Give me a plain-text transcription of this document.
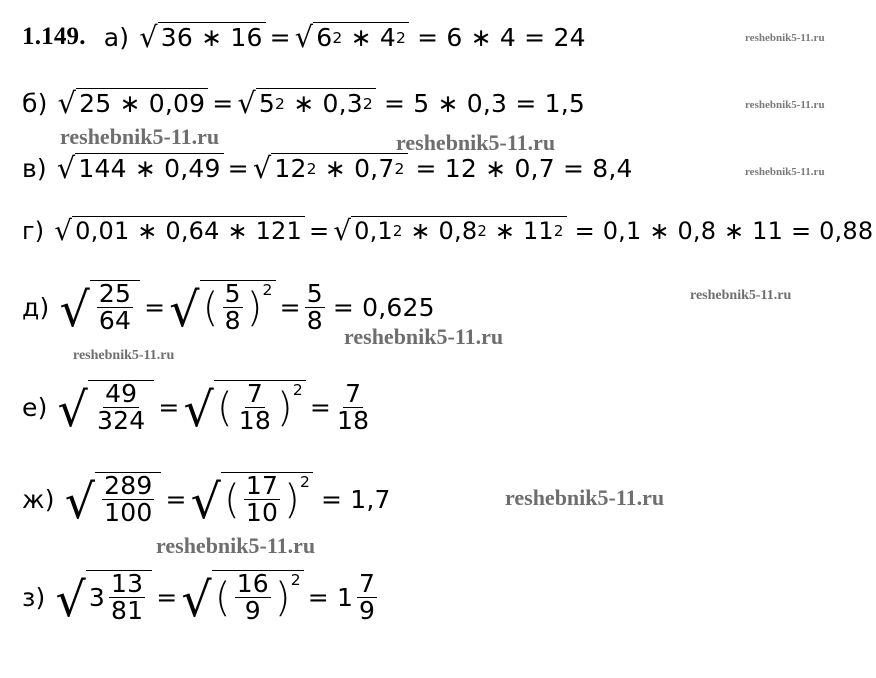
reshebnik5-11.ru
reshebnik5-11.ru
reshebnik5-11.ru
reshebnik5-11.ru	reshebnik5-11.ru
reshebnik5-11.ru
reshebnik5-11.ru
reshebnik5-11.ru
reshebnik5-11.ru
reshebnik5-11.ru
1.149. а) √ 36 ∗ 16 = √ 6 2 ∗ 4 2 = 6 ∗ 4 = 24
б) √ 25 ∗ 0,09 = √ 5 2 ∗ 0,3 2 = 5 ∗ 0,3 = 1,5
в) √ 144 ∗ 0,49 = √ 12 2 ∗ 0,7 2 = 12 ∗ 0,7 = 8,4
г) √ 0,01 ∗ 0,64 ∗ 121 = √ 0,1 2 ∗ 0,8 2 ∗ 11 2 = 0,1 ∗ 0,8 ∗ 11 = 0,88
д) √ $\frac{25}{64}$ = √ ( $\frac{5}{8} )^2$
= $\frac{5}{8} = 0,625$
е) √ $\frac{49}{324}$ = √ ( $\frac{7}{18} )^2$
= $\frac{7}{18}$
ж) √ $\frac{289}{100}$ = √ ( $\frac{17}{10} )^2$
= 1,7
з) √ $3 \frac{13}{81}$ = √ ( $\frac{16}{9} )^2$
= $1 \frac{7}{9}$
